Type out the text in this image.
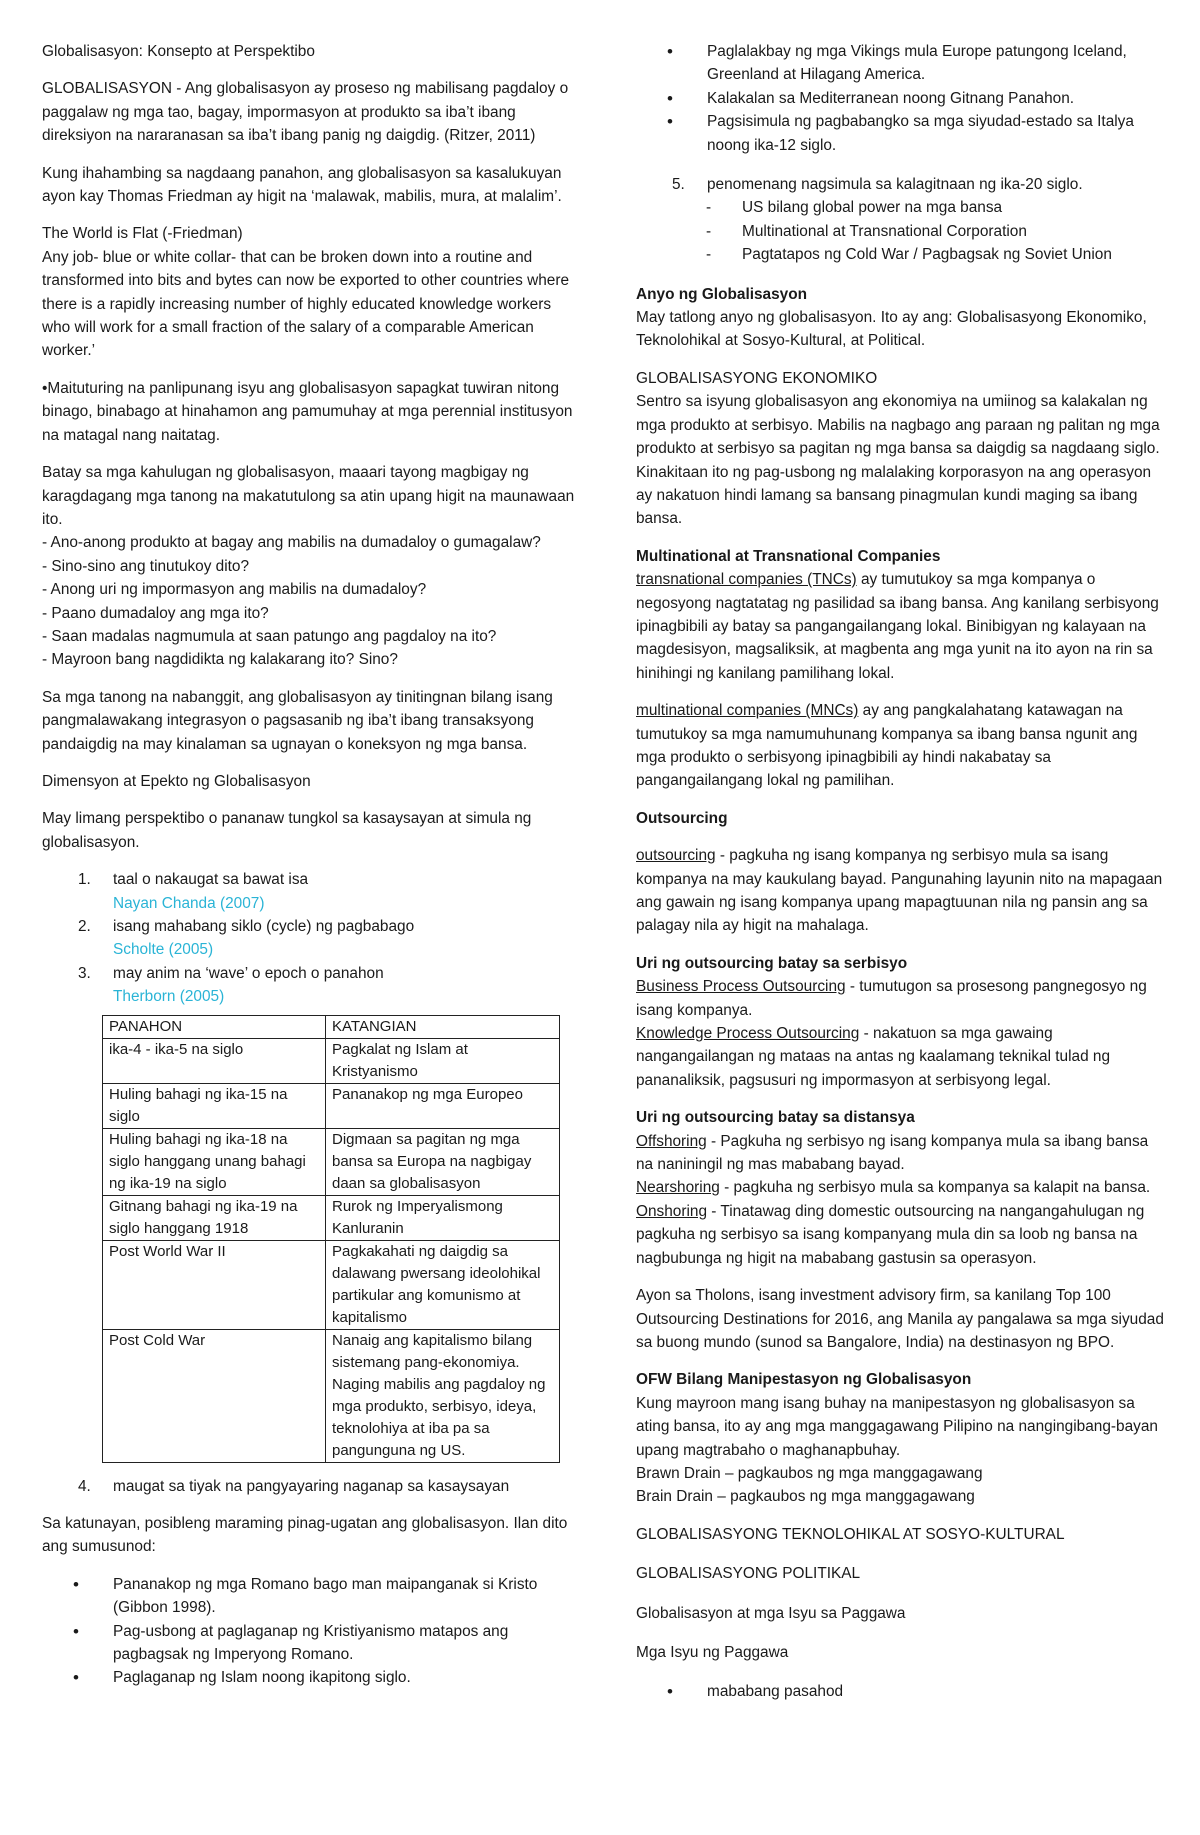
Globalisasyon: Konsepto at Perspektibo

GLOBALISASYON - Ang globalisasyon ay proseso ng mabilisang pagdaloy o paggalaw ng mga tao, bagay, impormasyon at produkto sa iba’t ibang direksiyon na nararanasan sa iba’t ibang panig ng daigdig. (Ritzer, 2011)

Kung ihahambing sa nagdaang panahon, ang globalisasyon sa kasalukuyan ayon kay Thomas Friedman ay higit na ‘malawak, mabilis, mura, at malalim’.

The World is Flat (-Friedman)
Any job- blue or white collar- that can be broken down into a routine and transformed into bits and bytes can now be exported to other countries where there is a rapidly increasing number of highly educated knowledge workers who will work for a small fraction of the salary of a comparable American worker.’

•Maituturing na panlipunang isyu ang globalisasyon sapagkat tuwiran nitong binago, binabago at hinahamon ang pamumuhay at mga perennial institusyon na matagal nang naitatag.

Batay sa mga kahulugan ng globalisasyon, maaari tayong magbigay ng karagdagang mga tanong na makatutulong sa atin upang higit na maunawaan ito.
- Ano-anong produkto at bagay ang mabilis na dumadaloy o gumagalaw?
- Sino-sino ang tinutukoy dito?
- Anong uri ng impormasyon ang mabilis na dumadaloy?
- Paano dumadaloy ang mga ito?
- Saan madalas nagmumula at saan patungo ang pagdaloy na ito?
- Mayroon bang nagdidikta ng kalakarang ito? Sino?

Sa mga tanong na nabanggit, ang globalisasyon ay tinitingnan bilang isang pangmalawakang integrasyon o pagsasanib ng iba’t ibang transaksyong pandaigdig na may kinalaman sa ugnayan o koneksyon ng mga bansa.

Dimensyon at Epekto ng Globalisasyon

May limang perspektibo o pananaw tungkol sa kasaysayan at simula ng globalisasyon.

1. taal o nakaugat sa bawat isa
Nayan Chanda (2007)
2. isang mahabang siklo (cycle) ng pagbabago
Scholte (2005)
3. may anim na ‘wave’ o epoch o panahon
Therborn (2005)
PANAHON	KATANGIAN
ika-4 - ika-5 na siglo	Pagkalat ng Islam at Kristyanismo
Huling bahagi ng ika-15 na siglo	Pananakop ng mga Europeo
Huling bahagi ng ika-18 na siglo hanggang unang bahagi ng ika-19 na siglo	Digmaan sa pagitan ng mga bansa sa Europa na nagbigay daan sa globalisasyon
Gitnang bahagi ng ika-19 na siglo hanggang 1918	Rurok ng Imperyalismong Kanluranin
Post World War II	Pagkakahati ng daigdig sa dalawang pwersang ideolohikal partikular ang komunismo at kapitalismo
Post Cold War	Nanaig ang kapitalismo bilang sistemang pang-ekonomiya. Naging mabilis ang pagdaloy ng mga produkto, serbisyo, ideya, teknolohiya at iba pa sa pangunguna ng US.
4. maugat sa tiyak na pangyayaring naganap sa kasaysayan

Sa katunayan, posibleng maraming pinag-ugatan ang globalisasyon. Ilan dito ang sumusunod:

• Pananakop ng mga Romano bago man maipanganak si Kristo (Gibbon 1998).
• Pag-usbong at paglaganap ng Kristiyanismo matapos ang pagbagsak ng Imperyong Romano.
• Paglaganap ng Islam noong ikapitong siglo.
• Paglalakbay ng mga Vikings mula Europe patungong Iceland, Greenland at Hilagang America.
• Kalakalan sa Mediterranean noong Gitnang Panahon.
• Pagsisimula ng pagbabangko sa mga siyudad-estado sa Italya noong ika-12 siglo.
5. penomenang nagsimula sa kalagitnaan ng ika-20 siglo.
- US bilang global power na mga bansa
- Multinational at Transnational Corporation
- Pagtatapos ng Cold War / Pagbagsak ng Soviet Union

Anyo ng Globalisasyon
May tatlong anyo ng globalisasyon. Ito ay ang: Globalisasyong Ekonomiko, Teknolohikal at Sosyo-Kultural, at Political.

GLOBALISASYONG EKONOMIKO
Sentro sa isyung globalisasyon ang ekonomiya na umiinog sa kalakalan ng mga produkto at serbisyo. Mabilis na nagbago ang paraan ng palitan ng mga produkto at serbisyo sa pagitan ng mga bansa sa daigdig sa nagdaang siglo. Kinakitaan ito ng pag-usbong ng malalaking korporasyon na ang operasyon ay nakatuon hindi lamang sa bansang pinagmulan kundi maging sa ibang bansa.

Multinational at Transnational Companies
transnational companies (TNCs) ay tumutukoy sa mga kompanya o negosyong nagtatatag ng pasilidad sa ibang bansa. Ang kanilang serbisyong ipinagbibili ay batay sa pangangailangang lokal. Binibigyan ng kalayaan na magdesisyon, magsaliksik, at magbenta ang mga yunit na ito ayon na rin sa hinihingi ng kanilang pamilihang lokal.

multinational companies (MNCs) ay ang pangkalahatang katawagan na tumutukoy sa mga namumuhunang kompanya sa ibang bansa ngunit ang mga produkto o serbisyong ipinagbibili ay hindi nakabatay sa pangangailangang lokal ng pamilihan.

Outsourcing

outsourcing - pagkuha ng isang kompanya ng serbisyo mula sa isang kompanya na may kaukulang bayad. Pangunahing layunin nito na mapagaan ang gawain ng isang kompanya upang mapagtuunan nila ng pansin ang sa palagay nila ay higit na mahalaga.

Uri ng outsourcing batay sa serbisyo
Business Process Outsourcing - tumutugon sa prosesong pangnegosyo ng isang kompanya.
Knowledge Process Outsourcing - nakatuon sa mga gawaing nangangailangan ng mataas na antas ng kaalamang teknikal tulad ng pananaliksik, pagsusuri ng impormasyon at serbisyong legal.

Uri ng outsourcing batay sa distansya
Offshoring - Pagkuha ng serbisyo ng isang kompanya mula sa ibang bansa na naniningil ng mas mababang bayad.
Nearshoring - pagkuha ng serbisyo mula sa kompanya sa kalapit na bansa.
Onshoring - Tinatawag ding domestic outsourcing na nangangahulugan ng pagkuha ng serbisyo sa isang kompanyang mula din sa loob ng bansa na nagbubunga ng higit na mababang gastusin sa operasyon.

Ayon sa Tholons, isang investment advisory firm, sa kanilang Top 100 Outsourcing Destinations for 2016, ang Manila ay pangalawa sa mga siyudad sa buong mundo (sunod sa Bangalore, India) na destinasyon ng BPO.

OFW Bilang Manipestasyon ng Globalisasyon
Kung mayroon mang isang buhay na manipestasyon ng globalisasyon sa ating bansa, ito ay ang mga manggagawang Pilipino na nangingibang-bayan upang magtrabaho o maghanapbuhay.
Brawn Drain – pagkaubos ng mga manggagawang
Brain Drain – pagkaubos ng mga manggagawang

GLOBALISASYONG TEKNOLOHIKAL AT SOSYO-KULTURAL

GLOBALISASYONG POLITIKAL

Globalisasyon at mga Isyu sa Paggawa

Mga Isyu ng Paggawa

• mababang pasahod
